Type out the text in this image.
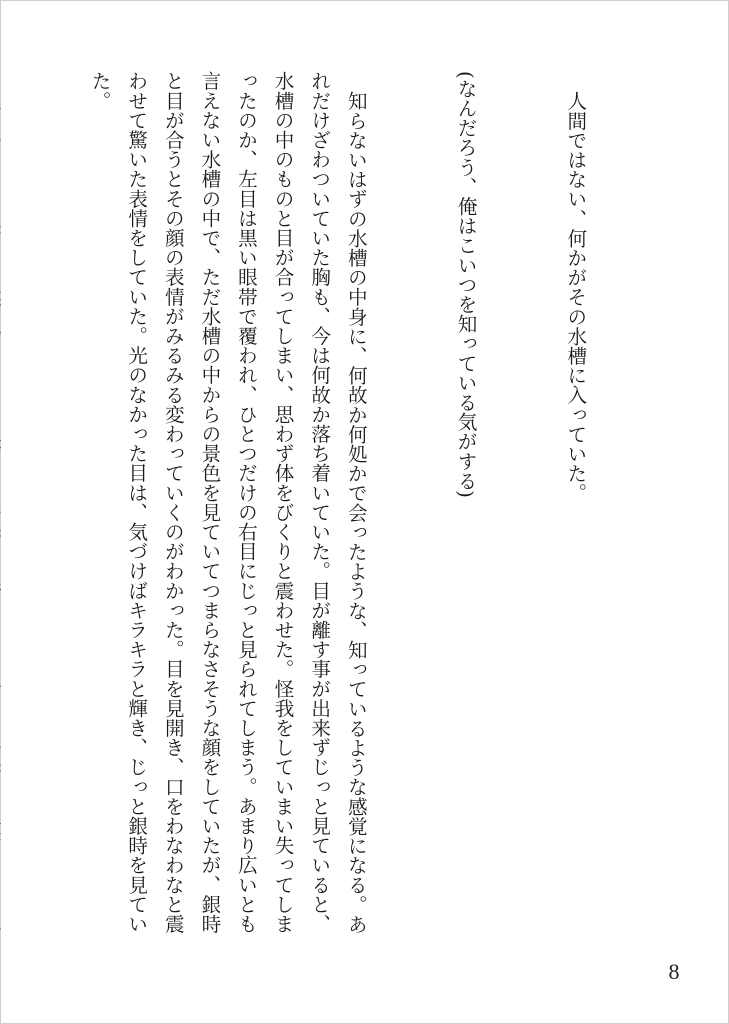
人間ではない、何かがその水槽に入っていた。

(なんだろう、俺はこいつを知っている気がする)

知らないはずの水槽の中身に、何故か何処かで会ったような、知っているような感覚になる。あれだけざわついていた胸も、今は何故か落ち着いていた。目が離す事が出来ずじっと見ていると、水槽の中のものと目が合ってしまい、思わず体をびくりと震わせた。怪我をしていまい失ってしまったのか、左目は黒い眼帯で覆われ、ひとつだけの右目にじっと見られてしまう。あまり広いとも言えない水槽の中で、ただ水槽の中からの景色を見ていてつまらなさそうな顔をしていたが、銀時と目が合うとその顔の表情がみるみる変わっていくのがわかった。目を見開き、口をわなわなと震わせて驚いた表情をしていた。光のなかった目は、気づけばキラキラと輝き、じっと銀時を見ていた。

8
